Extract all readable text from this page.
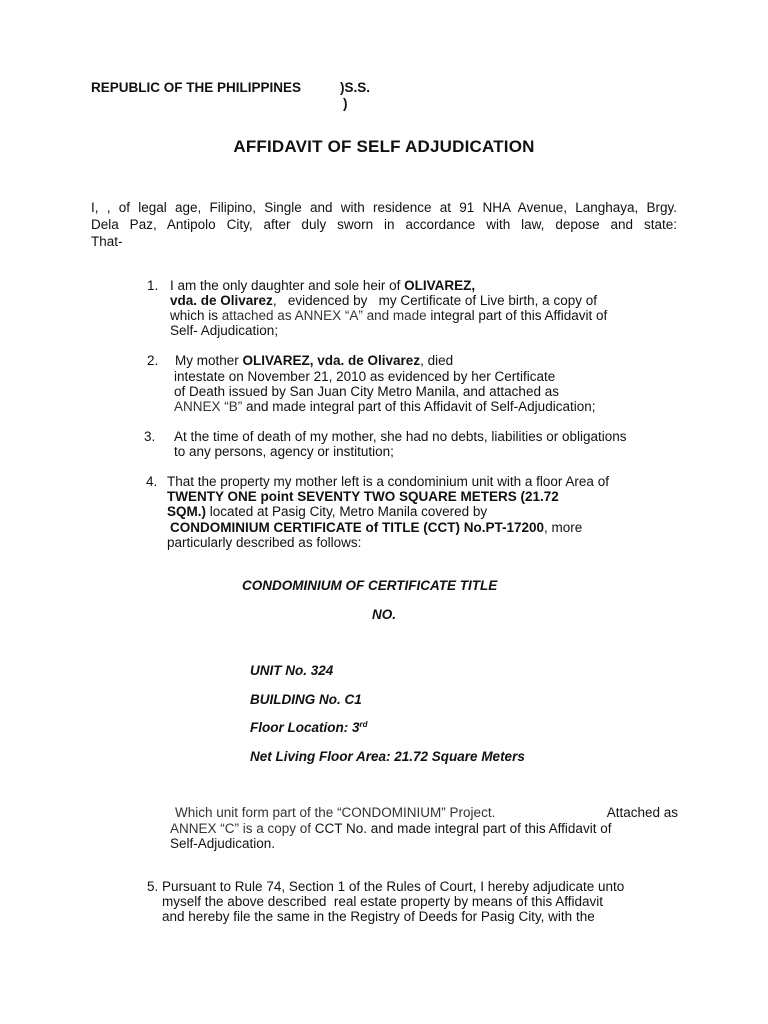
REPUBLIC OF THE PHILIPPINES	)S.S.
)
AFFIDAVIT OF SELF ADJUDICATION
I, , of legal age, Filipino, Single and with residence at 91 NHA Avenue, Langhaya, Brgy.
Dela Paz, Antipolo City, after duly sworn in accordance with law, depose and state:
That-
1. I am the only daughter and sole heir of OLIVAREZ,
vda. de Olivarez,   evidenced by   my Certificate of Live birth, a copy of
which is attached as ANNEX “A” and made integral part of this Affidavit of
Self- Adjudication;
2. My mother OLIVAREZ, vda. de Olivarez, died
intestate on November 21, 2010 as evidenced by her Certificate
of Death issued by San Juan City Metro Manila, and attached as
ANNEX “B” and made integral part of this Affidavit of Self-Adjudication;
3. At the time of death of my mother, she had no debts, liabilities or obligations
to any persons, agency or institution;
4. That the property my mother left is a condominium unit with a floor Area of
TWENTY ONE point SEVENTY TWO SQUARE METERS (21.72
SQM.) located at Pasig City, Metro Manila covered by
CONDOMINIUM CERTIFICATE of TITLE (CCT) No.PT-17200, more
particularly described as follows:
CONDOMINIUM OF CERTIFICATE TITLE
NO.
UNIT No. 324
BUILDING No. C1
Floor Location: 3rd
Net Living Floor Area: 21.72 Square Meters
Which unit form part of the “CONDOMINIUM” Project.	Attached as
ANNEX “C” is a copy of CCT No. and made integral part of this Affidavit of
Self-Adjudication.
5. Pursuant to Rule 74, Section 1 of the Rules of Court, I hereby adjudicate unto
myself the above described  real estate property by means of this Affidavit
and hereby file the same in the Registry of Deeds for Pasig City, with the
